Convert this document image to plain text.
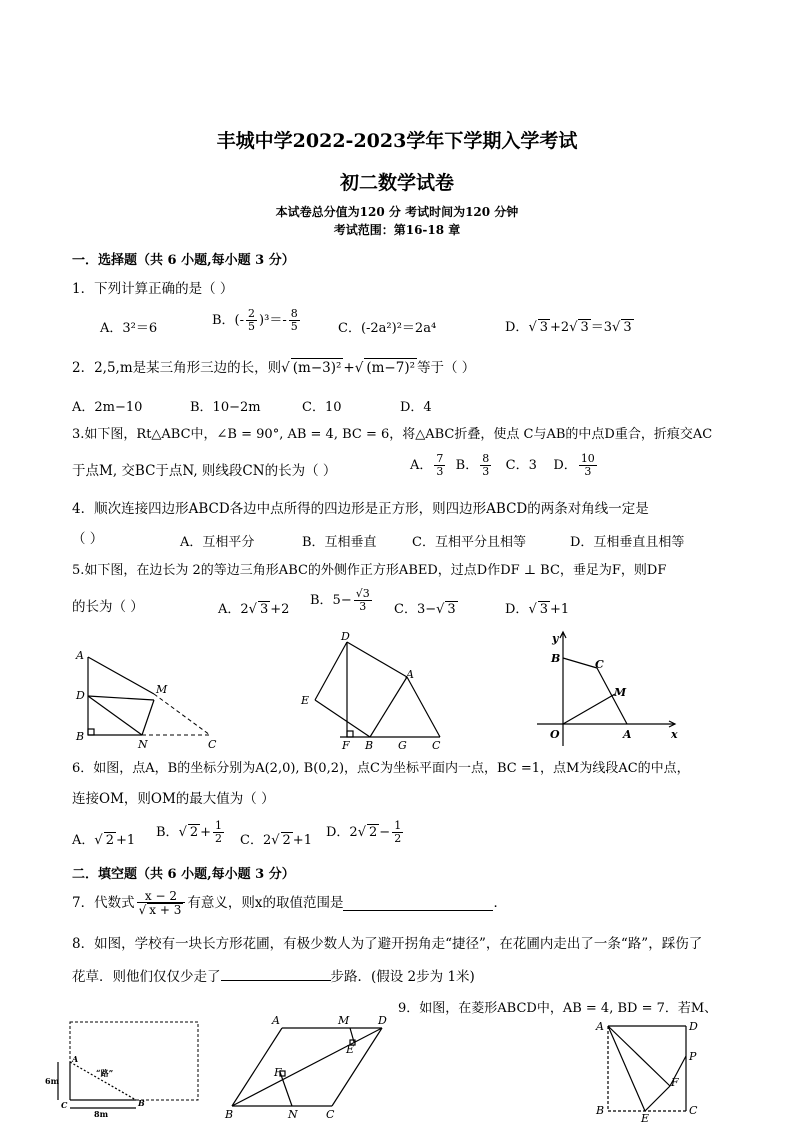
丰城中学2022-2023学年下学期入学考试
初二数学试卷
本试卷总分值为120 分 考试时间为120 分钟
考试范围：第16-18 章
一．选择题（共 6 小题,每小题 3 分）
1．下列计算正确的是（ ）
A．3²＝6
B．(- $\frac{2}{5} )^3=- \frac{8}{5}$	C．(-2a²)²＝2a⁴	D．√ 3 +2√ 3 ＝3√ 3
2．2,5,m是某三角形三边的长，则√ (m−3)² +√ (m−7)² 等于（ ）
A．2m−10	B．10−2m	C．10	D．4
3.如下图，Rt△ABC中，∠B = 90°, AB = 4, BC = 6，将△ABC折叠，使点 C与AB的中点D重合，折痕交AC
于点M, 交BC于点N, 则线段CN的长为（ ）	A． $\frac{7}{3}$ B． $\frac{8}{3}$ C．3 D． $\frac{10}{3}$
4．顺次连接四边形ABCD各边中点所得的四边形是正方形，则四边形ABCD的两条对角线一定是
（ ）	A．互相平分	B．互相垂直	C．互相平分且相等	D．互相垂直且相等
5.如下图，在边长为 2的等边三角形ABC的外侧作正方形ABED，过点D作DF ⊥ BC，垂足为F，则DF
的长为（ ）	A．2√ 3 +2
B．$5- \frac{√3}{3}$ C．3−√ 3	D．√ 3 +1
A
D	M
B
N	C
D
A
E
F B G C
y
B	C
M
O	A	x
6．如图，点A，B的坐标分别为A(2,0), B(0,2)，点C为坐标平面内一点，BC =1，点M为线段AC的中点，
连接OM，则OM的最大值为（ ）
A．√ 2 +1
B．√ $2 + \frac{1}{2}$ C．2√ 2 +1
D．2√ $2 - \frac{1}{2}$
二．填空题（共 6 小题,每小题 3 分）
7．代数式 $\frac{x - 2}{√ x + 3}$ 有意义，则x的取值范围是	．
8．如图，学校有一块长方形花圃，有极少数人为了避开拐角走“捷径”，在花圃内走出了一条“路”，踩伤了
花草．则他们仅仅少走了	步路．(假设 2步为 1米)
9．如图，在菱形ABCD中，AB = 4, BD = 7．若M、
A
“路”
6m
C	B
8m
A	M	D
E
F
B	N	C
A	D
P
F
B
E
C
